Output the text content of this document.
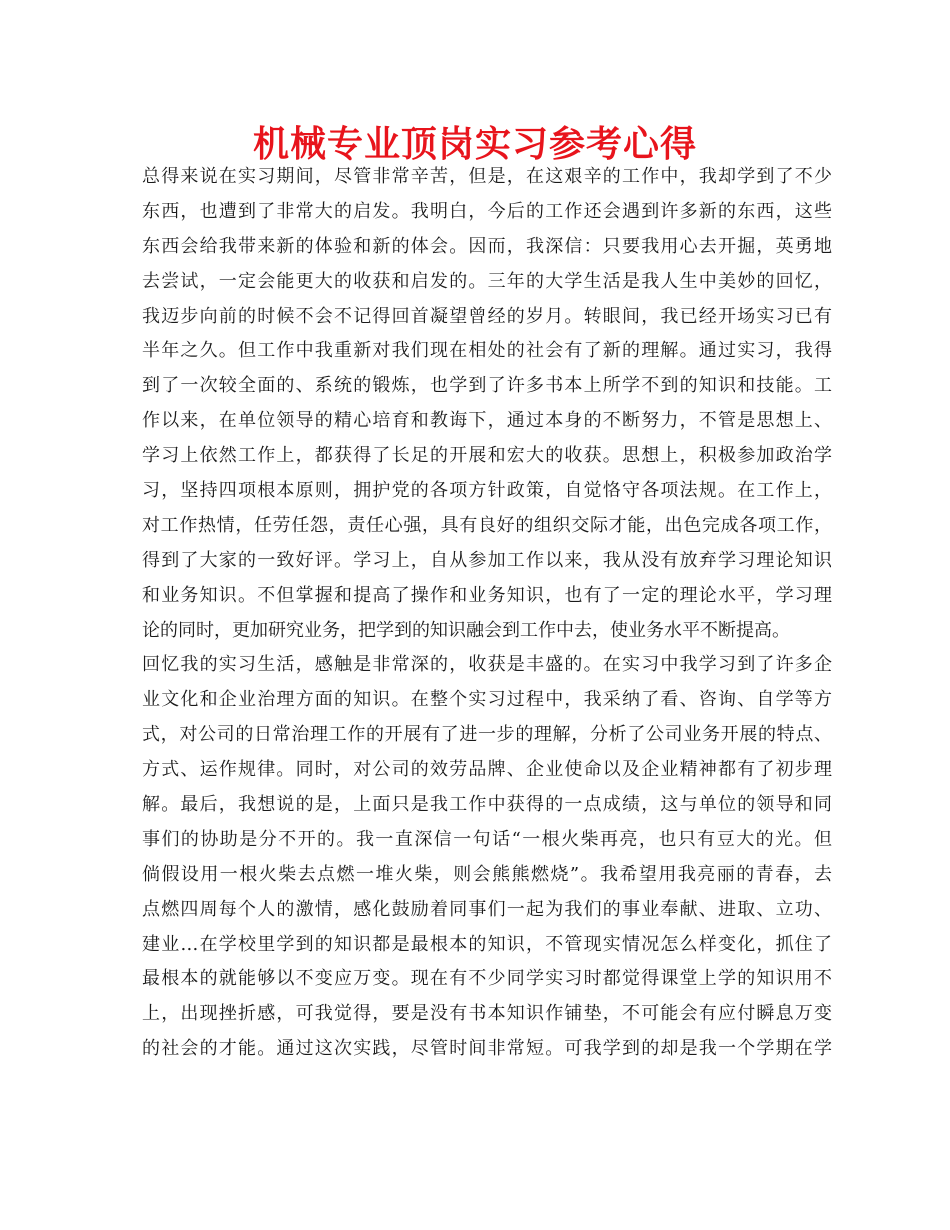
机械专业顶岗实习参考心得
总得来说在实习期间，尽管非常辛苦，但是，在这艰辛的工作中，我却学到了不少
东西，也遭到了非常大的启发。我明白，今后的工作还会遇到许多新的东西，这些
东西会给我带来新的体验和新的体会。因而，我深信：只要我用心去开掘，英勇地
去尝试，一定会能更大的收获和启发的。三年的大学生活是我人生中美妙的回忆，
我迈步向前的时候不会不记得回首凝望曾经的岁月。转眼间，我已经开场实习已有
半年之久。但工作中我重新对我们现在相处的社会有了新的理解。通过实习，我得
到了一次较全面的、系统的锻炼，也学到了许多书本上所学不到的知识和技能。工
作以来，在单位领导的精心培育和教诲下，通过本身的不断努力，不管是思想上、
学习上依然工作上，都获得了长足的开展和宏大的收获。思想上，积极参加政治学
习，坚持四项根本原则，拥护党的各项方针政策，自觉恪守各项法规。在工作上，
对工作热情，任劳任怨，责任心强，具有良好的组织交际才能，出色完成各项工作，
得到了大家的一致好评。学习上，自从参加工作以来，我从没有放弃学习理论知识
和业务知识。不但掌握和提高了操作和业务知识，也有了一定的理论水平，学习理
论的同时，更加研究业务，把学到的知识融会到工作中去，使业务水平不断提高。
回忆我的实习生活，感触是非常深的，收获是丰盛的。在实习中我学习到了许多企
业文化和企业治理方面的知识。在整个实习过程中，我采纳了看、咨询、自学等方
式，对公司的日常治理工作的开展有了进一步的理解，分析了公司业务开展的特点、
方式、运作规律。同时，对公司的效劳品牌、企业使命以及企业精神都有了初步理
解。最后，我想说的是，上面只是我工作中获得的一点成绩，这与单位的领导和同
事们的协助是分不开的。我一直深信一句话“一根火柴再亮，也只有豆大的光。但
倘假设用一根火柴去点燃一堆火柴，则会熊熊燃烧”。我希望用我亮丽的青春，去
点燃四周每个人的激情，感化鼓励着同事们一起为我们的事业奉献、进取、立功、
建业…在学校里学到的知识都是最根本的知识，不管现实情况怎么样变化，抓住了
最根本的就能够以不变应万变。现在有不少同学实习时都觉得课堂上学的知识用不
上，出现挫折感，可我觉得，要是没有书本知识作铺垫，不可能会有应付瞬息万变
的社会的才能。通过这次实践，尽管时间非常短。可我学到的却是我一个学期在学
